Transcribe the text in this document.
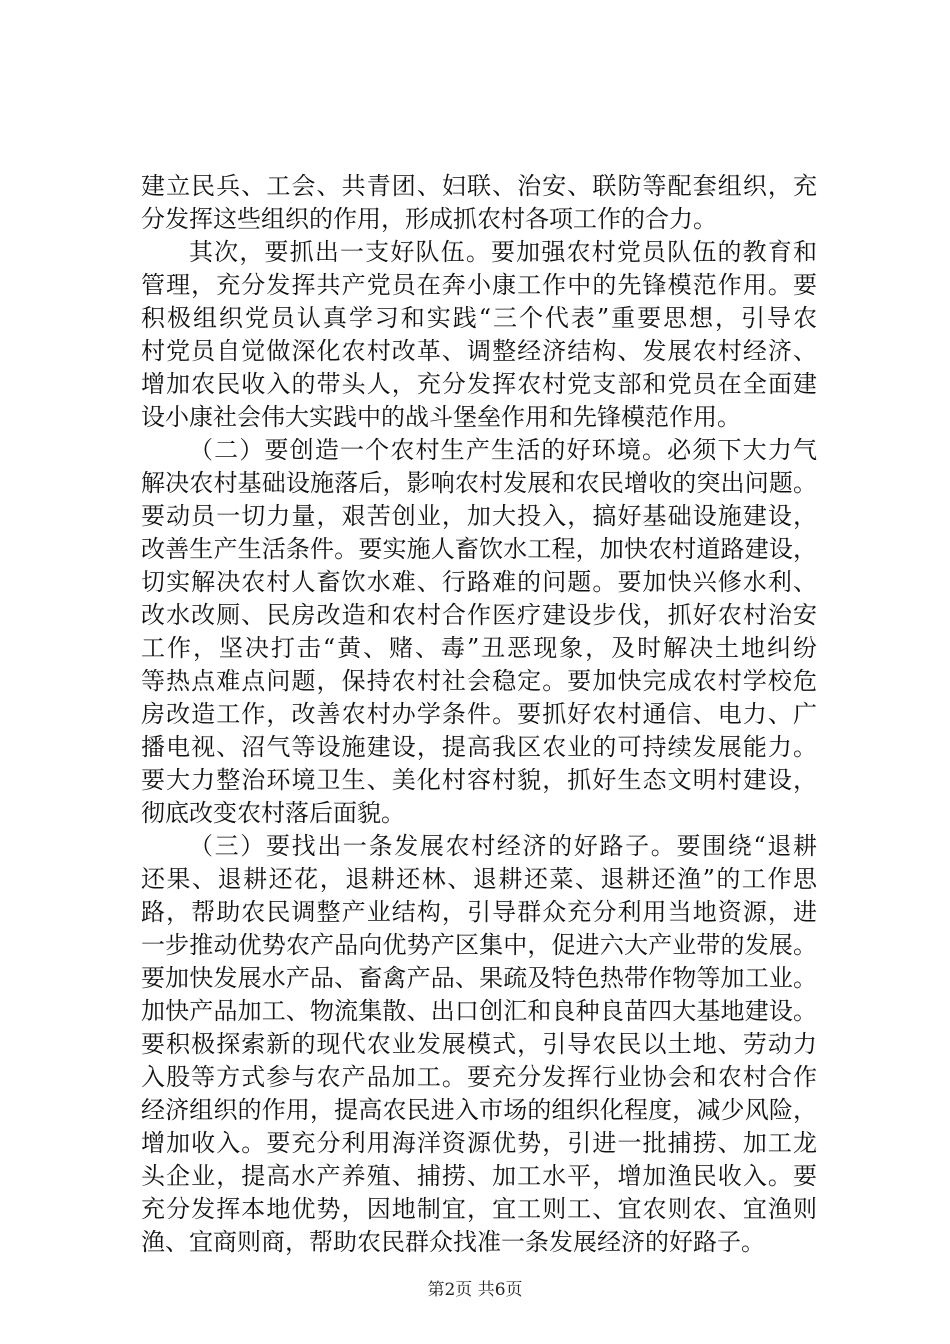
建立民兵、工会、共青团、妇联、治安、联防等配套组织，充
分发挥这些组织的作用，形成抓农村各项工作的合力。
其次，要抓出一支好队伍。要加强农村党员队伍的教育和
管理，充分发挥共产党员在奔小康工作中的先锋模范作用。要
积极组织党员认真学习和实践“三个代表”重要思想，引导农
村党员自觉做深化农村改革、调整经济结构、发展农村经济、
增加农民收入的带头人，充分发挥农村党支部和党员在全面建
设小康社会伟大实践中的战斗堡垒作用和先锋模范作用。
（二）要创造一个农村生产生活的好环境。必须下大力气
解决农村基础设施落后，影响农村发展和农民增收的突出问题。
要动员一切力量，艰苦创业，加大投入，搞好基础设施建设，
改善生产生活条件。要实施人畜饮水工程，加快农村道路建设，
切实解决农村人畜饮水难、行路难的问题。要加快兴修水利、
改水改厕、民房改造和农村合作医疗建设步伐，抓好农村治安
工作，坚决打击“黄、赌、毒”丑恶现象，及时解决土地纠纷
等热点难点问题，保持农村社会稳定。要加快完成农村学校危
房改造工作，改善农村办学条件。要抓好农村通信、电力、广
播电视、沼气等设施建设，提高我区农业的可持续发展能力。
要大力整治环境卫生、美化村容村貌，抓好生态文明村建设，
彻底改变农村落后面貌。
（三）要找出一条发展农村经济的好路子。要围绕“退耕
还果、退耕还花，退耕还林、退耕还菜、退耕还渔”的工作思
路，帮助农民调整产业结构，引导群众充分利用当地资源，进
一步推动优势农产品向优势产区集中，促进六大产业带的发展。
要加快发展水产品、畜禽产品、果疏及特色热带作物等加工业。
加快产品加工、物流集散、出口创汇和良种良苗四大基地建设。
要积极探索新的现代农业发展模式，引导农民以土地、劳动力
入股等方式参与农产品加工。要充分发挥行业协会和农村合作
经济组织的作用，提高农民进入市场的组织化程度，减少风险，
增加收入。要充分利用海洋资源优势，引进一批捕捞、加工龙
头企业，提高水产养殖、捕捞、加工水平，增加渔民收入。要
充分发挥本地优势，因地制宜，宜工则工、宜农则农、宜渔则
渔、宜商则商，帮助农民群众找准一条发展经济的好路子。
第2页 共6页
